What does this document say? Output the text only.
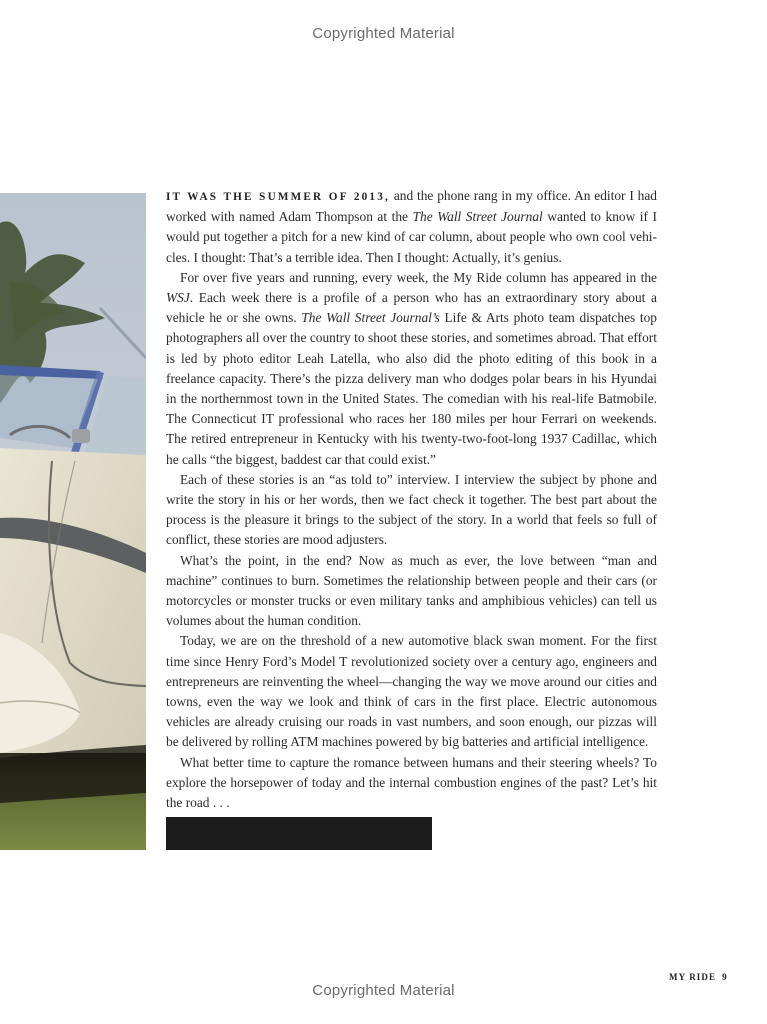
Copyrighted Material

IT WAS THE SUMMER OF 2013, and the phone rang in my office. An editor I had worked with named Adam Thompson at the The Wall Street Journal wanted to know if I would put together a pitch for a new kind of car column, about people who own cool vehicles. I thought: That’s a terrible idea. Then I thought: Actually, it’s genius.

For over five years and running, every week, the My Ride column has appeared in the WSJ. Each week there is a profile of a person who has an extraordinary story about a vehicle he or she owns. The Wall Street Journal’s Life & Arts photo team dispatches top photographers all over the country to shoot these stories, and sometimes abroad. That effort is led by photo editor Leah Latella, who also did the photo editing of this book in a freelance capacity. There’s the pizza delivery man who dodges polar bears in his Hyundai in the northernmost town in the United States. The comedian with his real-life Batmobile. The Connecticut IT professional who races her 180 miles per hour Ferrari on weekends. The retired entrepreneur in Kentucky with his twenty-two-foot-long 1937 Cadillac, which he calls “the biggest, baddest car that could exist.”

Each of these stories is an “as told to” interview. I interview the subject by phone and write the story in his or her words, then we fact check it together. The best part about the process is the pleasure it brings to the subject of the story. In a world that feels so full of conflict, these stories are mood adjusters.

What’s the point, in the end? Now as much as ever, the love between “man and machine” continues to burn. Sometimes the relationship between people and their cars (or motorcycles or monster trucks or even military tanks and amphibious vehicles) can tell us volumes about the human condition.

Today, we are on the threshold of a new automotive black swan moment. For the first time since Henry Ford’s Model T revolutionized society over a century ago, engineers and entrepreneurs are reinventing the wheel—changing the way we move around our cities and towns, even the way we look and think of cars in the first place. Electric autonomous vehicles are already cruising our roads in vast numbers, and soon enough, our pizzas will be delivered by rolling ATM machines powered by big batteries and artificial intelligence.

What better time to capture the romance between humans and their steering wheels? To explore the horsepower of today and the internal combustion engines of the past? Let’s hit the road . . .

MY RIDE 9
Copyrighted Material
